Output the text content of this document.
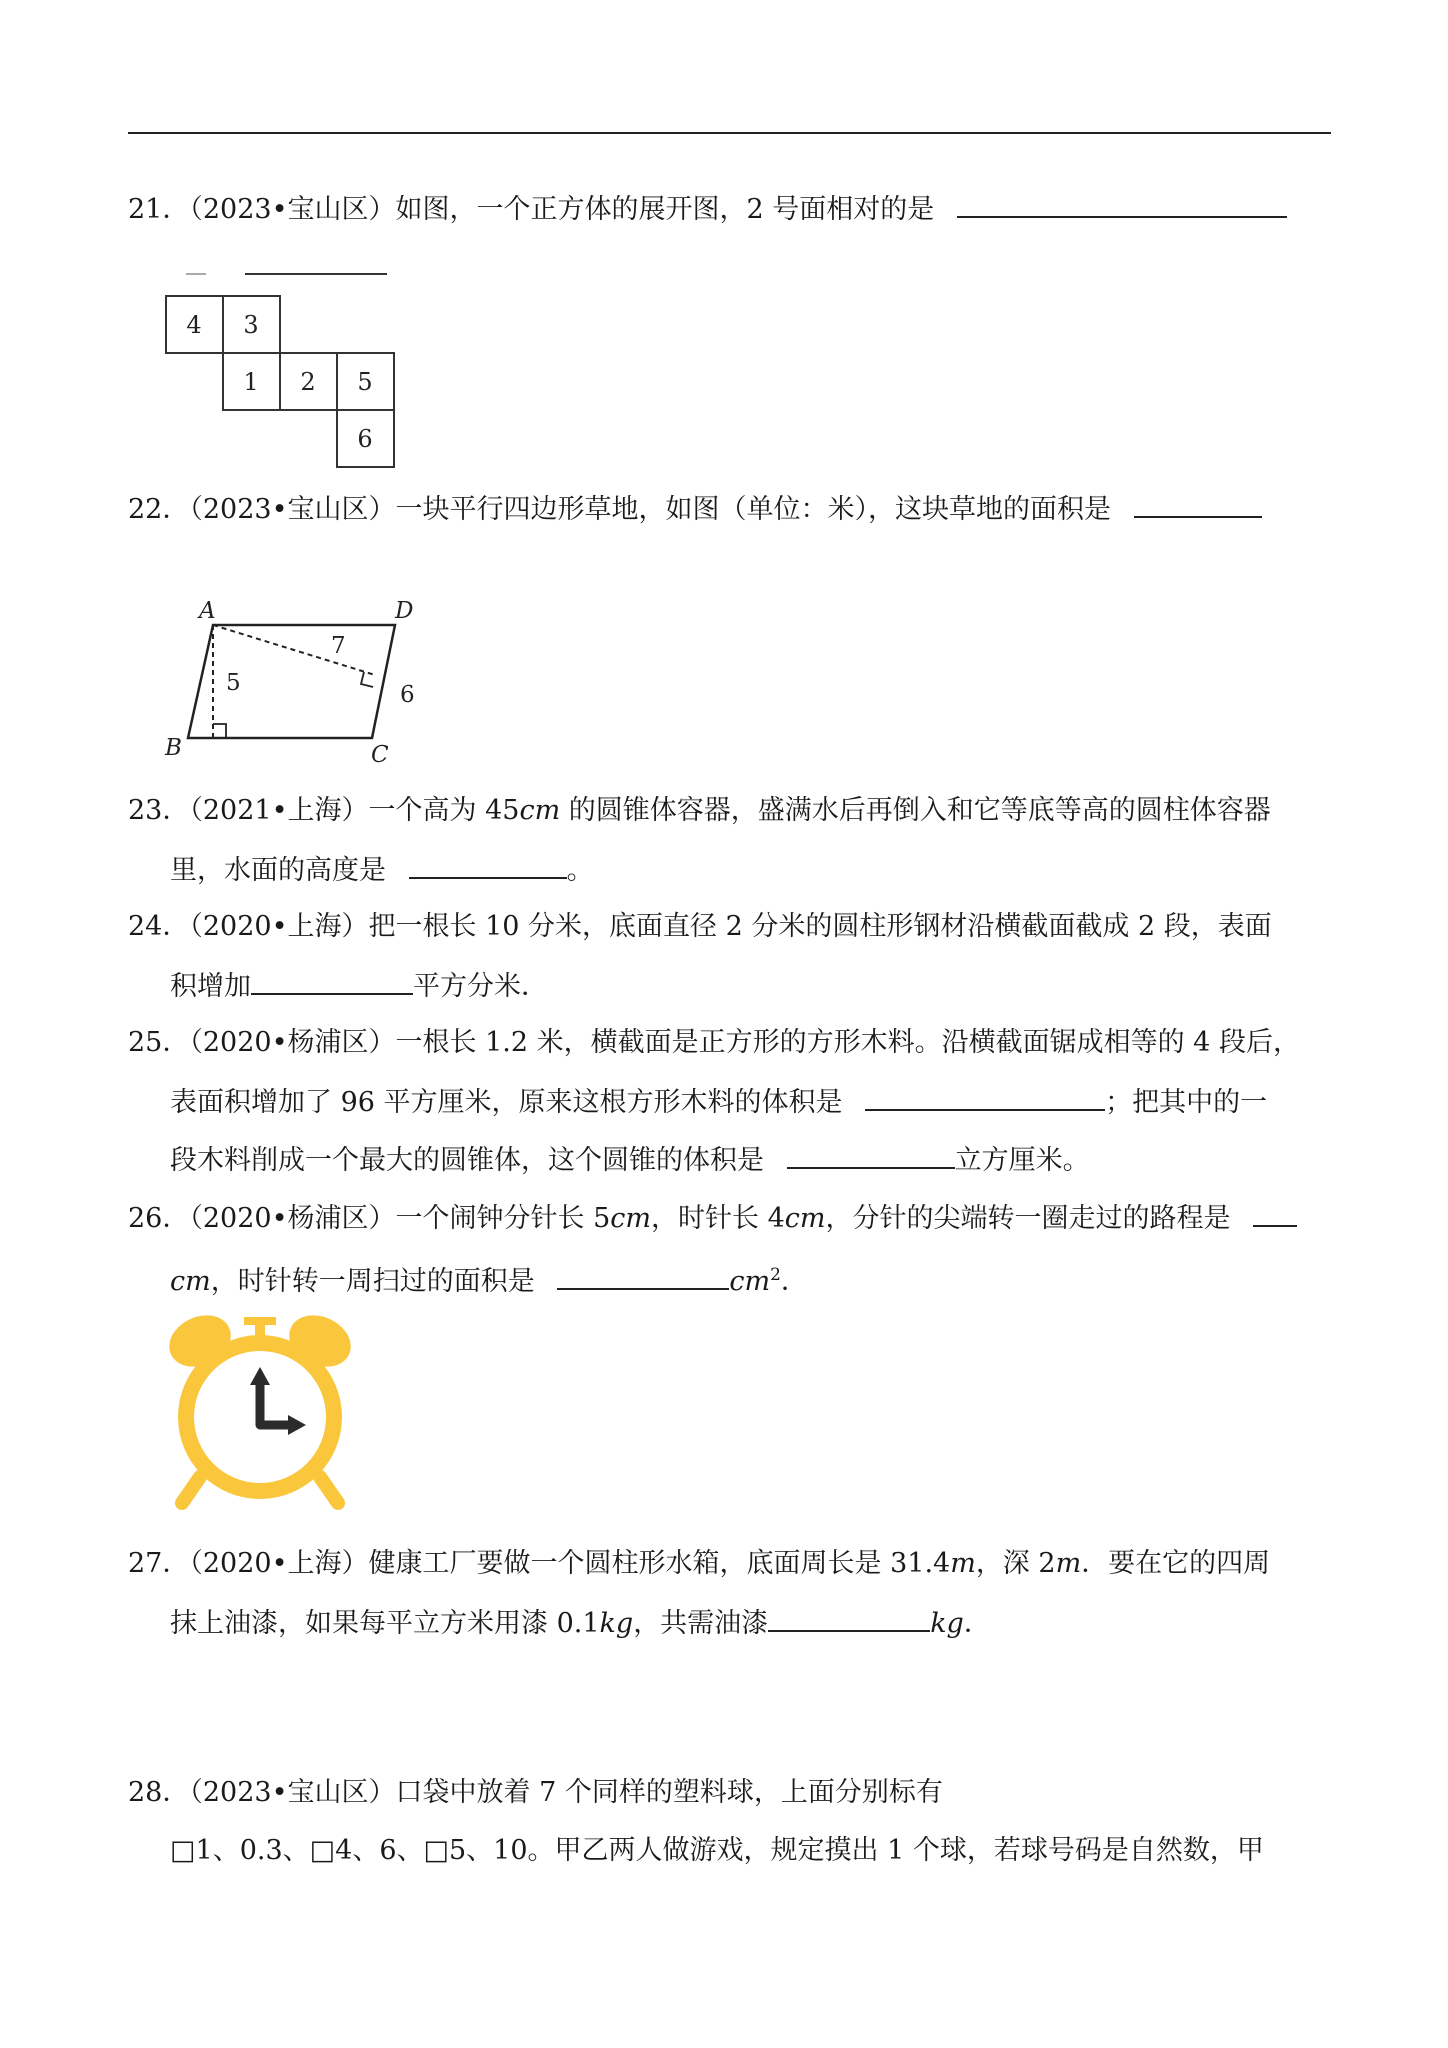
21．（2023•宝山区）如图，一个正方体的展开图，2 号面相对的是
4 3
1 2 5
6
22．（2023•宝山区）一块平行四边形草地，如图（单位：米），这块草地的面积是
A	D
B	C
7
5	6
23．（2021•上海）一个高为 45cm 的圆锥体容器，盛满水后再倒入和它等底等高的圆柱体容器
里，水面的高度是	。
24．（2020•上海）把一根长 10 分米，底面直径 2 分米的圆柱形钢材沿横截面截成 2 段，表面
积增加	平方分米．
25．（2020•杨浦区）一根长 1.2 米，横截面是正方形的方形木料。沿横截面锯成相等的 4 段后，
表面积增加了 96 平方厘米，原来这根方形木料的体积是	；把其中的一
段木料削成一个最大的圆锥体，这个圆锥的体积是	立方厘米。
26．（2020•杨浦区）一个闹钟分针长 5cm，时针长 4cm，分针的尖端转一圈走过的路程是
cm，时针转一周扫过的面积是	$cm^2$．
27．（2020•上海）健康工厂要做一个圆柱形水箱，底面周长是 31.4m，深 2m．要在它的四周
抹上油漆，如果每平立方米用漆 0.1kg，共需油漆	kg．
28．（2023•宝山区）口袋中放着 7 个同样的塑料球，上面分别标有
□1、0.3、□4、6、□5、10。甲乙两人做游戏，规定摸出 1 个球，若球号码是自然数，甲
